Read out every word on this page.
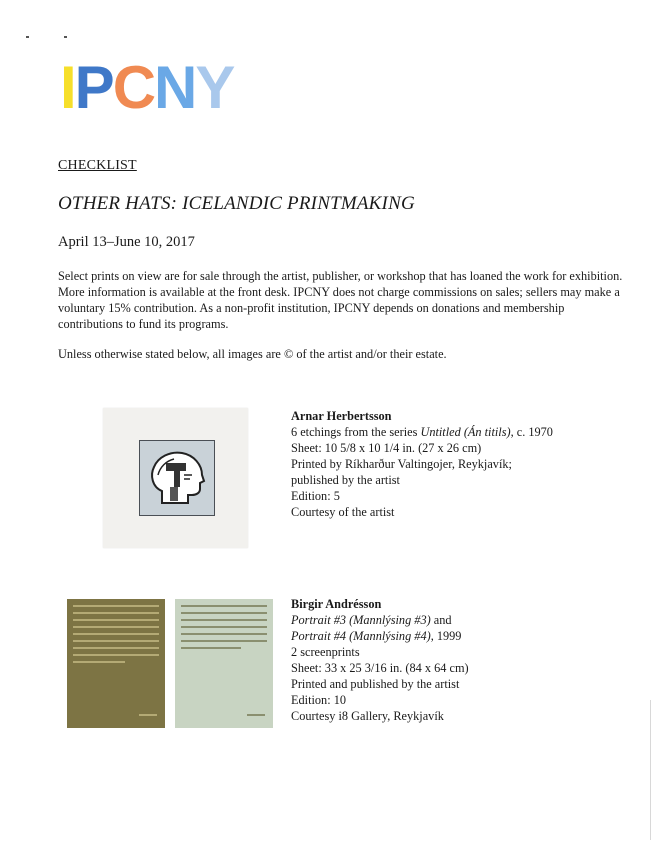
I P C N Y
CHECKLIST
OTHER HATS: ICELANDIC PRINTMAKING
April 13–June 10, 2017
Select prints on view are for sale through the artist, publisher, or workshop that has loaned the work for exhibition. More information is available at the front desk. IPCNY does not charge commissions on sales; sellers may make a voluntary 15% contribution. As a non-profit institution, IPCNY depends on donations and membership contributions to fund its programs.
Unless otherwise stated below, all images are © of the artist and/or their estate.
Arnar Herbertsson
6 etchings from the series Untitled (Án titils), c. 1970
Sheet: 10 5/8 x 10 1/4 in. (27 x 26 cm)
Printed by Ríkharður Valtingojer, Reykjavík;
published by the artist
Edition: 5
Courtesy of the artist
Birgir Andrésson
Portrait #3 (Mannlýsing #3) and
Portrait #4 (Mannlýsing #4), 1999
2 screenprints
Sheet: 33 x 25 3/16 in. (84 x 64 cm)
Printed and published by the artist
Edition: 10
Courtesy i8 Gallery, Reykjavík
